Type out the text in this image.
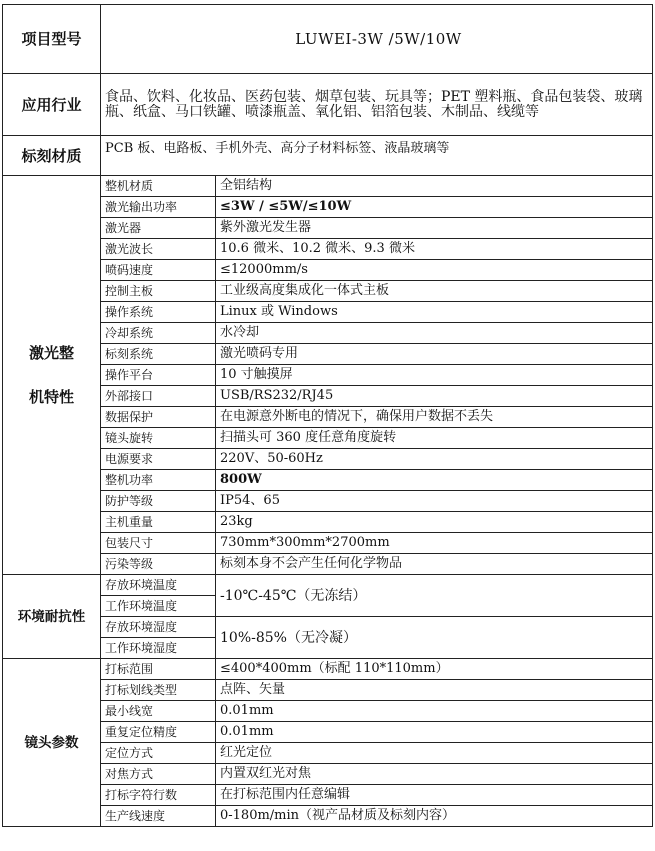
项目型号	LUWEI-3W /5W/10W	
应用行业	食品、饮料、化妆品、医药包装、烟草包装、玩具等；PET 塑料瓶、食品包装袋、玻璃瓶、纸盒、马口铁罐、喷漆瓶盖、氧化铝、铝箔包装、木制品、线缆等	
标刻材质	PCB 板、电路板、手机外壳、高分子材料标签、液晶玻璃等	

激光整
机特性	整机材质	全铝结构
	激光输出功率	≤3W / ≤5W/≤10W
	激光器	紫外激光发生器
	激光波长	10.6 微米、10.2 微米、9.3 微米
	喷码速度	≤12000mm/s
	控制主板	工业级高度集成化一体式主板
	操作系统	Linux 或 Windows
	冷却系统	水冷却
	标刻系统	激光喷码专用
	操作平台	10 寸触摸屏
	外部接口	USB/RS232/RJ45
	数据保护	在电源意外断电的情况下，确保用户数据不丢失
	镜头旋转	扫描头可 360 度任意角度旋转
	电源要求	220V、50-60Hz
	整机功率	800W
	防护等级	IP54、65
	主机重量	23kg
	包装尺寸	730mm*300mm*2700mm
	污染等级	标刻本身不会产生任何化学物品
环境耐抗性	存放环境温度	-10℃-45℃（无冻结）
	工作环境温度	
	存放环境湿度	10%-85%（无冷凝）
	工作环境湿度	
镜头参数	打标范围	≤400*400mm（标配 110*110mm）
	打标划线类型	点阵、矢量
	最小线宽	0.01mm
	重复定位精度	0.01mm
	定位方式	红光定位
	对焦方式	内置双红光对焦
	打标字符行数	在打标范围内任意编辑
	生产线速度	0-180m/min（视产品材质及标刻内容）
